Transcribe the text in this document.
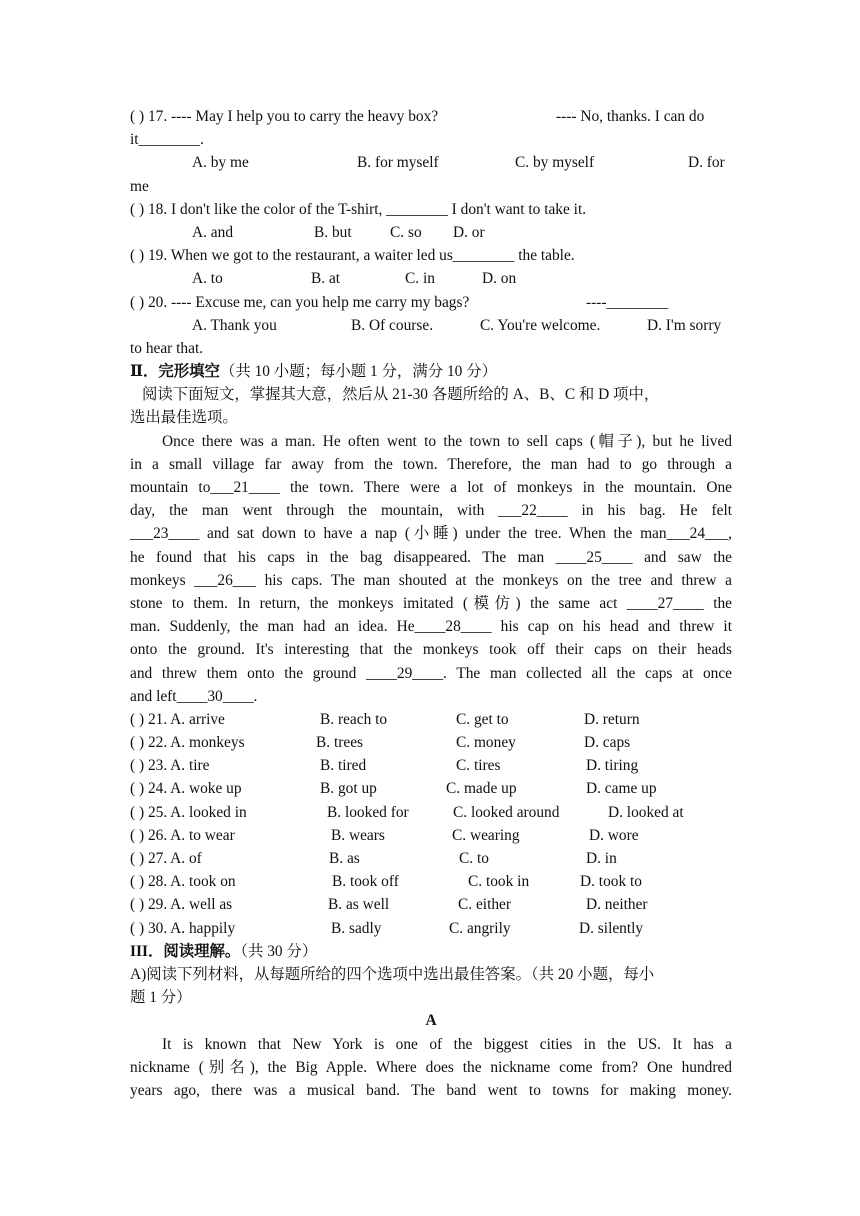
( ) 17. ---- May I help you to carry the heavy box?	---- No, thanks. I can do
it________.
A. by me	B. for myself	C. by myself	D. for
me
( ) 18. I don't like the color of the T-shirt, ________ I don't want to take it.
A. and	B. but C. so D. or
( ) 19. When we got to the restaurant, a waiter led us________ the table.
A. to	B. at	C. in	D. on
( ) 20. ---- Excuse me, can you help me carry my bags?	----________
A. Thank you	B. Of course.	C. You're welcome.	D. I'm sorry
to hear that.
Ⅱ．完形填空（共 10 小题；每小题 1 分，满分 10 分）
阅读下面短文，掌握其大意，然后从 21-30 各题所给的 A、B、C 和 D 项中，
选出最佳选项。
Once there was a man. He often went to the town to sell caps (帽子), but he lived
in a small village far away from the town. Therefore, the man had to go through a
mountain to___21____ the town. There were a lot of monkeys in the mountain. One
day, the man went through the mountain, with ___22____ in his bag. He felt
___23____ and sat down to have a nap (小睡) under the tree. When the man___24___,
he found that his caps in the bag disappeared. The man ____25____ and saw the
monkeys ___26___ his caps. The man shouted at the monkeys on the tree and threw a
stone to them. In return, the monkeys imitated (模仿) the same act ____27____ the
man. Suddenly, the man had an idea. He____28____ his cap on his head and threw it
onto the ground. It's interesting that the monkeys took off their caps on their heads
and threw them onto the ground ____29____. The man collected all the caps at once
and left____30____.
( ) 21. A. arrive	B. reach to	C. get to	D. return
( ) 22. A. monkeys	B. trees	C. money	D. caps
( ) 23. A. tire	B. tired	C. tires	D. tiring
( ) 24. A. woke up	B. got up	C. made up	D. came up
( ) 25. A. looked in	B. looked for	C. looked around	D. looked at
( ) 26. A. to wear	B. wears	C. wearing	D. wore
( ) 27. A. of	B. as	C. to	D. in
( ) 28. A. took on	B. took off	C. took in	D. took to
( ) 29. A. well as	B. as well	C. either	D. neither
( ) 30. A. happily	B. sadly	C. angrily	D. silently
III．阅读理解。（共 30 分）
A)阅读下列材料，从每题所给的四个选项中选出最佳答案。（共 20 小题，每小
题 1 分）
A
It is known that New York is one of the biggest cities in the US. It has a
nickname (别名), the Big Apple. Where does the nickname come from? One hundred
years ago, there was a musical band. The band went to towns for making money.
